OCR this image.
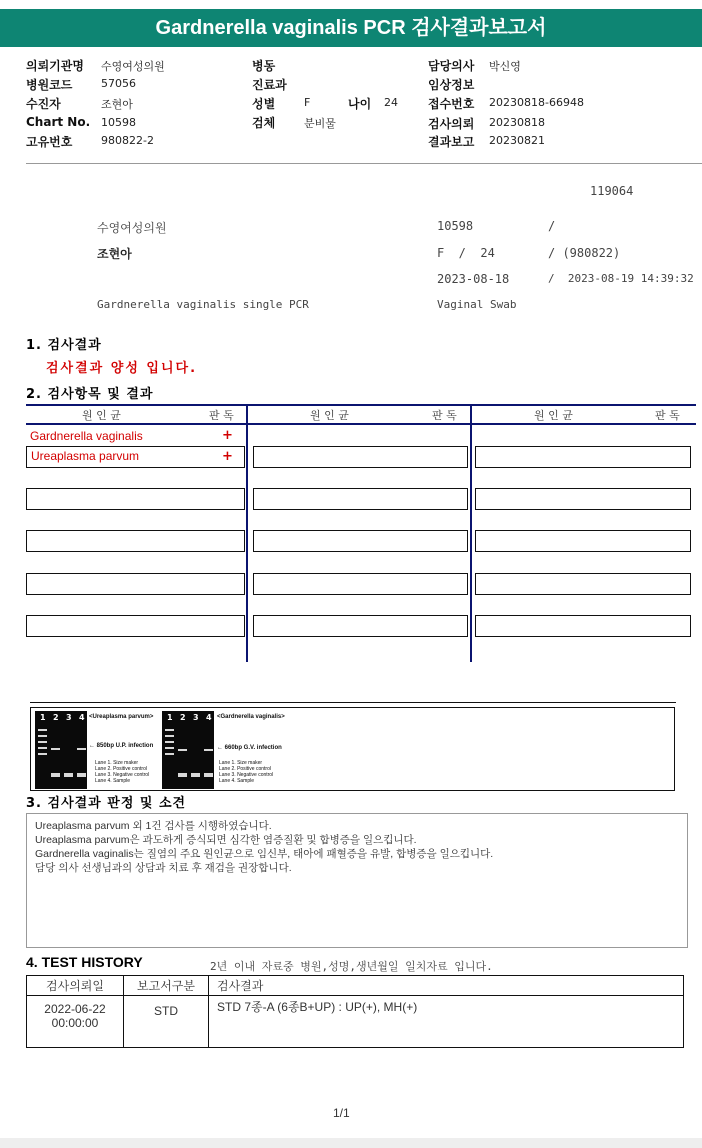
Gardnerella vaginalis PCR 검사결과보고서
의뢰기관명 수영여성의원
병원코드	57056
수진자	조현아
Chart No. 10598
고유번호	980822-2
병동
진료과
성별	F	나이 24
검체	분비물
담당의사 박신영
임상정보
접수번호 20230818-66948
검사의뢰 20230818
결과보고 20230821
119064
수영여성의원	10598	/
조현아	F  /  24	/ (980822)
2023-08-18	/  2023-08-19 14:39:32
Gardnerella vaginalis single PCR	Vaginal Swab
1. 검사결과
검사결과 양성 입니다.
2. 검사항목 및 결과
원 인 균	판 독	원 인 균	판 독	원 인 균	판 독
Gardnerella vaginalis	+
Ureaplasma parvum	+
1 2 3 4 <Ureaplasma parvum>
← 850bp U.P. infection
Lane 1. Size maker
Lane 2. Positive control
Lane 3. Negative control
Lane 4. Sample
1 2 3 4 <Gardnerella vaginalis>
← 660bp G.V. infection
Lane 1. Size maker
Lane 2. Positive control
Lane 3. Negative control
Lane 4. Sample
3. 검사결과 판정 및 소견
Ureaplasma parvum 외 1건 검사를 시행하였습니다.
Ureaplasma parvum은 과도하게 증식되면 심각한 염증질환 및 합병증을 일으킵니다.
Gardnerella vaginalis는 질염의 주요 원인균으로 임신부, 태아에 패혈증을 유발, 합병증을 일으킵니다.
담당 의사 선생님과의 상담과 치료 후 재검을 권장합니다.
4. TEST HISTORY	2년 이내 자료중 병원,성명,생년월일 일치자료 입니다.
검사의뢰일	보고서구분	검사결과

2022-06-22
00:00:00	STD	STD 7종-A (6종B+UP) : UP(+), MH(+)
1/1
